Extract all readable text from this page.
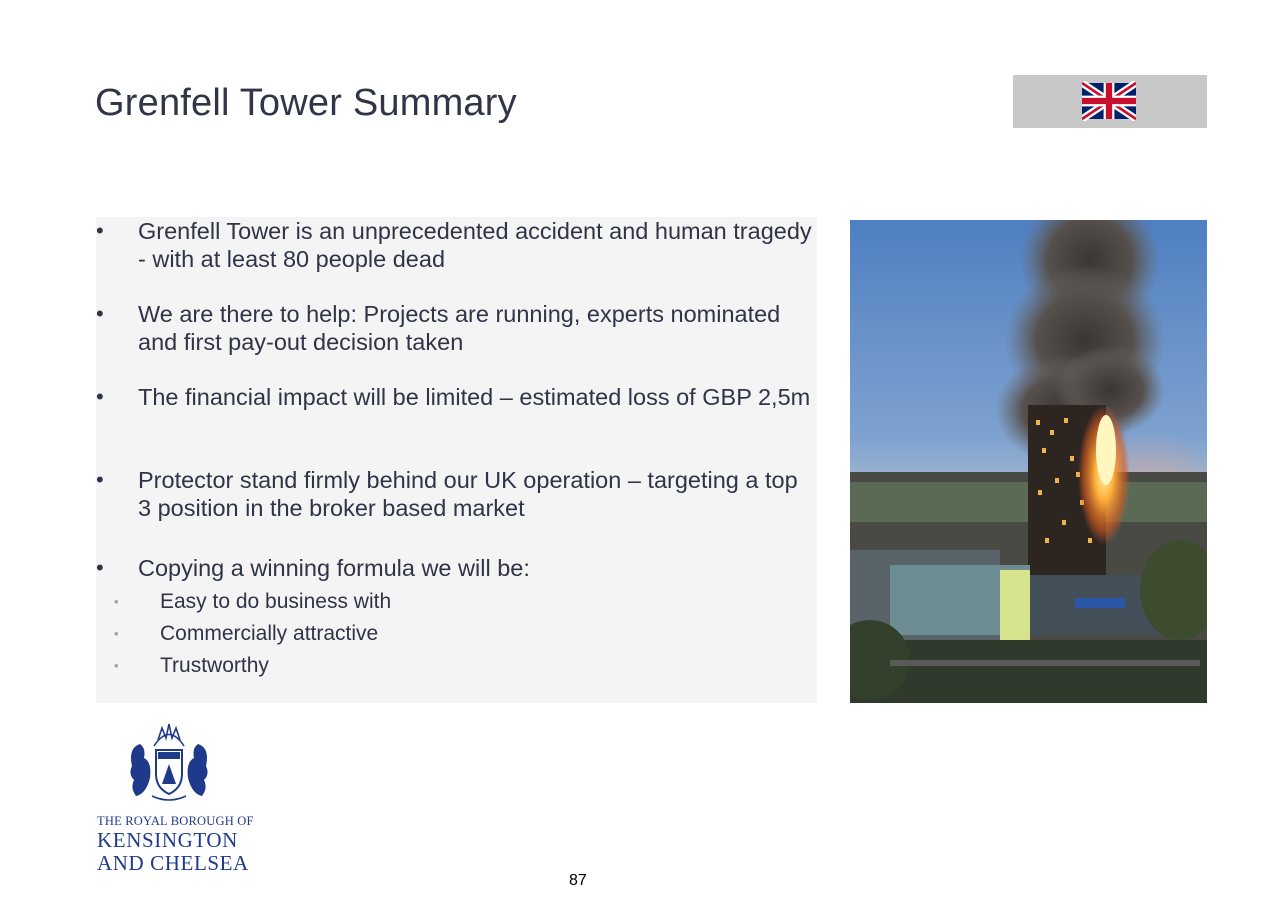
Grenfell Tower Summary
• Grenfell Tower is an unprecedented accident and human tragedy - with at least 80 people dead
• We are there to help: Projects are running, experts nominated and first pay-out decision taken
• The financial impact will be limited – estimated loss of GBP 2,5m
• Protector stand firmly behind our UK operation – targeting a top 3 position in the broker based market
• Copying a winning formula we will be:
• Easy to do business with
• Commercially attractive
• Trustworthy
THE ROYAL BOROUGH OF
KENSINGTON
AND CHELSEA
87
